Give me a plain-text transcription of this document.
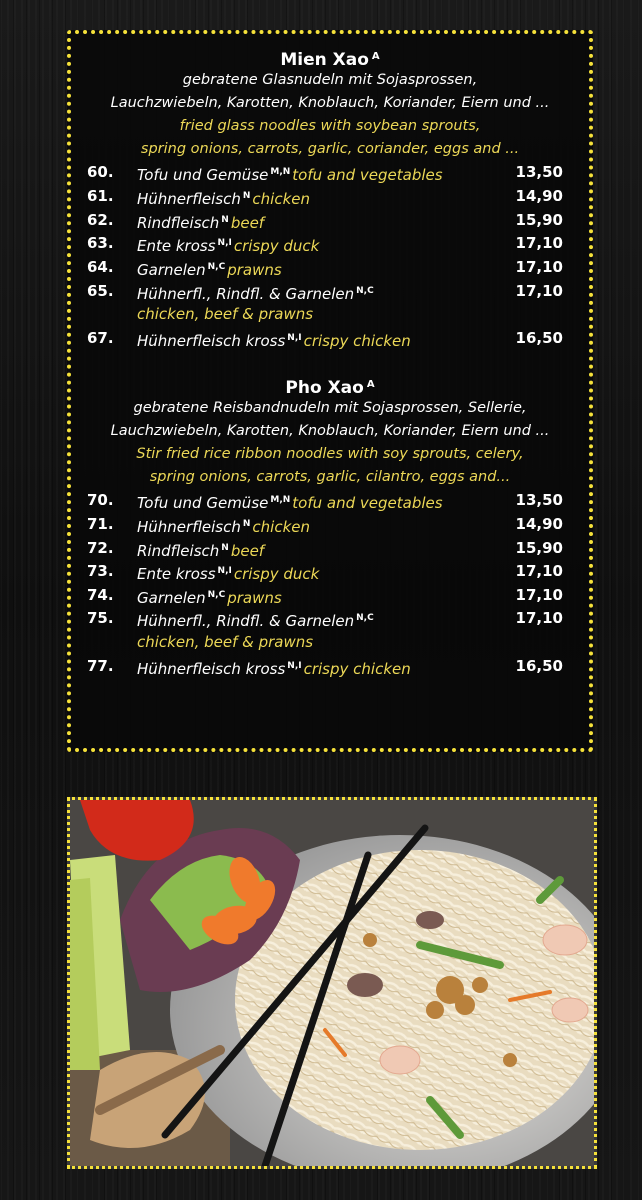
Mien Xao $^A$
gebratene Glasnudeln mit Sojasprossen,
Lauchzwiebeln, Karotten, Knoblauch, Koriander, Eiern und ...
fried glass noodles with soybean sprouts,
spring onions, carrots, garlic, coriander, eggs and ...
60. Tofu und Gemüse $^{M,N}$ tofu and vegetables	13,50
61. Hühnerfleisch $^N$ chicken	14,90
62. Rindfleisch $^N$ beef	15,90
63. Ente kross $^{N,I}$ crispy duck	17,10
64. Garnelen $^{N,C}$ prawns	17,10
65. Hühnerfl., Rindfl. & Garnelen $^{N,C}$	17,10
chicken, beef & prawns
67. Hühnerfleisch kross $^{N,I}$ crispy chicken	16,50
Pho Xao $^A$
gebratene Reisbandnudeln mit Sojasprossen, Sellerie,
Lauchzwiebeln, Karotten, Knoblauch, Koriander, Eiern und ...
Stir fried rice ribbon noodles with soy sprouts, celery,
spring onions, carrots, garlic, cilantro, eggs and...
70. Tofu und Gemüse $^{M,N}$ tofu and vegetables	13,50
71. Hühnerfleisch $^N$ chicken	14,90
72. Rindfleisch $^N$ beef	15,90
73. Ente kross $^{N,I}$ crispy duck	17,10
74. Garnelen $^{N,C}$ prawns	17,10
75. Hühnerfl., Rindfl. & Garnelen $^{N,C}$	17,10
chicken, beef & prawns
77. Hühnerfleisch kross $^{N,I}$ crispy chicken	16,50
